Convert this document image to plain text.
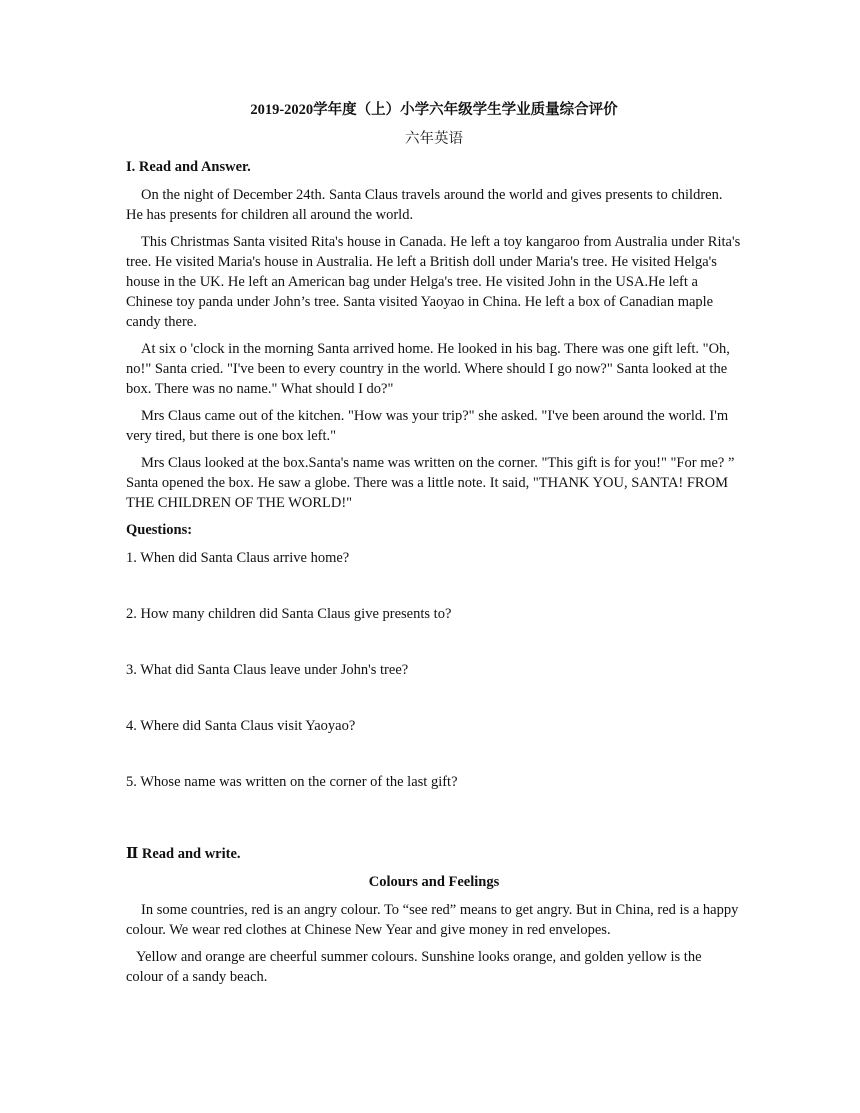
2019-2020学年度（上）小学六年级学生学业质量综合评价
六年英语
I. Read and Answer.

On the night of December 24th. Santa Claus travels around the world and gives presents to children. He has presents for children all around the world.

This Christmas Santa visited Rita's house in Canada. He left a toy kangaroo from Australia under Rita's tree. He visited Maria's house in Australia. He left a British doll under Maria's tree. He visited Helga's house in the UK. He left an American bag under Helga's tree. He visited John in the USA.He left a Chinese toy panda under John’s tree. Santa visited Yaoyao in China. He left a box of Canadian maple candy there.

At six o 'clock in the morning Santa arrived home. He looked in his bag. There was one gift left. "Oh, no!" Santa cried. "I've been to every country in the world. Where should I go now?" Santa looked at the box. There was no name." What should I do?"

Mrs Claus came out of the kitchen. "How was your trip?" she asked. "I've been around the world. I'm very tired, but there is one box left."

Mrs Claus looked at the box.Santa's name was written on the corner. "This gift is for you!" "For me? ” Santa opened the box. He saw a globe. There was a little note. It said, "THANK YOU, SANTA! FROM THE CHILDREN OF THE WORLD!"

Questions:
1. When did Santa Claus arrive home?
2. How many children did Santa Claus give presents to?
3. What did Santa Claus leave under John's tree?
4. Where did Santa Claus visit Yaoyao?
5. Whose name was written on the corner of the last gift?
Ⅱ Read and write.
Colours and Feelings

In some countries, red is an angry colour. To “see red” means to get angry. But in China, red is a happy colour. We wear red clothes at Chinese New Year and give money in red envelopes.

Yellow and orange are cheerful summer colours. Sunshine looks orange, and golden yellow is the colour of a sandy beach.
